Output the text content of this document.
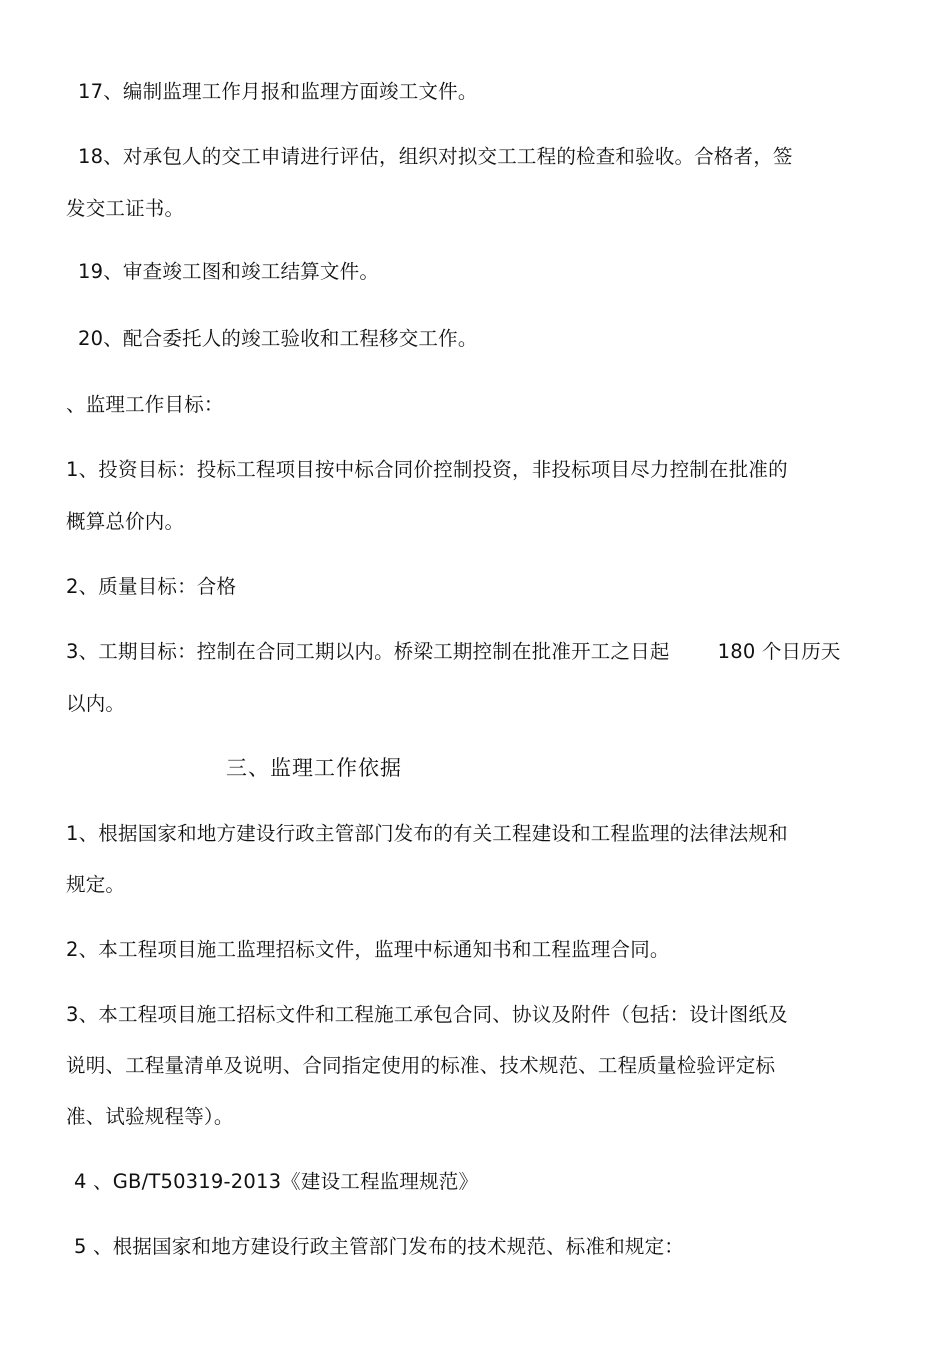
17、编制监理工作月报和监理方面竣工文件。
18、对承包人的交工申请进行评估，组织对拟交工工程的检查和验收。合格者，签
发交工证书。
19、审查竣工图和竣工结算文件。
20、配合委托人的竣工验收和工程移交工作。
、监理工作目标：
1、投资目标：投标工程项目按中标合同价控制投资，非投标项目尽力控制在批准的
概算总价内。
2、质量目标：合格
3、工期目标：控制在合同工期以内。桥梁工期控制在批准开工之日起 180 个日历天
以内。
三、监理工作依据
1、根据国家和地方建设行政主管部门发布的有关工程建设和工程监理的法律法规和
规定。
2、本工程项目施工监理招标文件，监理中标通知书和工程监理合同。
3、本工程项目施工招标文件和工程施工承包合同、协议及附件（包括：设计图纸及
说明、工程量清单及说明、合同指定使用的标准、技术规范、工程质量检验评定标
准、试验规程等）。
4 、GB/T50319-2013《建设工程监理规范》
5 、根据国家和地方建设行政主管部门发布的技术规范、标准和规定：
